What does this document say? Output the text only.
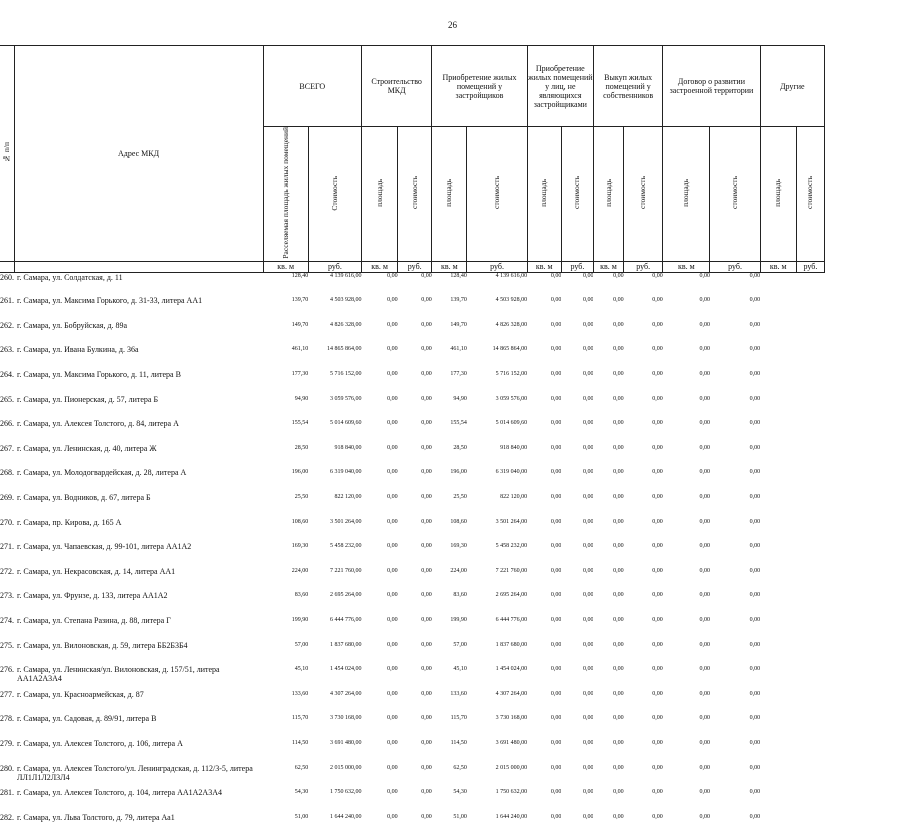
26
№ п/п	Адрес МКД	ВСЕГО		Строительство МКД		Приобретение жилых помещений у застройщиков		Приобретение жилых помещений у лиц, не являющихся застройщиками		Выкуп жилых помещений у собственников		Договор о развитии застроенной территории		Другие	
		Расселяемая площадь жилых помещений	Стоимость	площадь	стоимость	площадь	стоимость	площадь	стоимость	площадь	стоимость	площадь	стоимость	площадь	стоимость
		кв. м	руб.	кв. м	руб.	кв. м	руб.	кв. м	руб.	кв. м	руб.	кв. м	руб.	кв. м	руб.
260.	г. Самара, ул. Солдатская, д. 11	128,40	4 139 616,00	0,00	0,00	128,40	4 139 616,00	0,00	0,00	0,00	0,00	0,00	0,00		
261.	г. Самара, ул. Максима Горького, д. 31-33, литера АА1	139,70	4 503 928,00	0,00	0,00	139,70	4 503 928,00	0,00	0,00	0,00	0,00	0,00	0,00		
262.	г. Самара, ул. Бобруйская, д. 89а	149,70	4 826 328,00	0,00	0,00	149,70	4 826 328,00	0,00	0,00	0,00	0,00	0,00	0,00		
263.	г. Самара, ул. Ивана Булкина, д. 36а	461,10	14 865 864,00	0,00	0,00	461,10	14 865 864,00	0,00	0,00	0,00	0,00	0,00	0,00		
264.	г. Самара, ул. Максима Горького, д. 11, литера В	177,30	5 716 152,00	0,00	0,00	177,30	5 716 152,00	0,00	0,00	0,00	0,00	0,00	0,00		
265.	г. Самара, ул. Пионерская, д. 57, литера Б	94,90	3 059 576,00	0,00	0,00	94,90	3 059 576,00	0,00	0,00	0,00	0,00	0,00	0,00		
266.	г. Самара, ул. Алексея Толстого, д. 84, литера А	155,54	5 014 609,60	0,00	0,00	155,54	5 014 609,60	0,00	0,00	0,00	0,00	0,00	0,00		
267.	г. Самара, ул. Ленинская, д. 40, литера Ж	28,50	918 840,00	0,00	0,00	28,50	918 840,00	0,00	0,00	0,00	0,00	0,00	0,00		
268.	г. Самара, ул. Молодогвардейская, д. 28, литера А	196,00	6 319 040,00	0,00	0,00	196,00	6 319 040,00	0,00	0,00	0,00	0,00	0,00	0,00		
269.	г. Самара, ул. Водников, д. 67, литера Б	25,50	822 120,00	0,00	0,00	25,50	822 120,00	0,00	0,00	0,00	0,00	0,00	0,00		
270.	г. Самара, пр. Кирова, д. 165 А	108,60	3 501 264,00	0,00	0,00	108,60	3 501 264,00	0,00	0,00	0,00	0,00	0,00	0,00		
271.	г. Самара, ул. Чапаевская, д. 99-101, литера АА1А2	169,30	5 458 232,00	0,00	0,00	169,30	5 458 232,00	0,00	0,00	0,00	0,00	0,00	0,00		
272.	г. Самара, ул. Некрасовская, д. 14, литера АА1	224,00	7 221 760,00	0,00	0,00	224,00	7 221 760,00	0,00	0,00	0,00	0,00	0,00	0,00		
273.	г. Самара, ул. Фрунзе, д. 133, литера АА1А2	83,60	2 695 264,00	0,00	0,00	83,60	2 695 264,00	0,00	0,00	0,00	0,00	0,00	0,00		
274.	г. Самара, ул. Степана Разина, д. 88, литера Г	199,90	6 444 776,00	0,00	0,00	199,90	6 444 776,00	0,00	0,00	0,00	0,00	0,00	0,00		
275.	г. Самара, ул. Вилоновская, д. 59, литера ББ2Б3Б4	57,00	1 837 680,00	0,00	0,00	57,00	1 837 680,00	0,00	0,00	0,00	0,00	0,00	0,00		
276.	г. Самара, ул. Ленинская/ул. Вилоновская, д. 157/51, литера АА1А2А3А4	45,10	1 454 024,00	0,00	0,00	45,10	1 454 024,00	0,00	0,00	0,00	0,00	0,00	0,00		
277.	г. Самара, ул. Красноармейская, д. 87	133,60	4 307 264,00	0,00	0,00	133,60	4 307 264,00	0,00	0,00	0,00	0,00	0,00	0,00		
278.	г. Самара, ул. Садовая, д. 89/91, литера В	115,70	3 730 168,00	0,00	0,00	115,70	3 730 168,00	0,00	0,00	0,00	0,00	0,00	0,00		
279.	г. Самара, ул. Алексея Толстого, д. 106, литера А	114,50	3 691 480,00	0,00	0,00	114,50	3 691 480,00	0,00	0,00	0,00	0,00	0,00	0,00		
280.	г. Самара, ул. Алексея Толстого/ул. Ленинградская, д. 112/3-5, литера ЛЛ1Л1Л2Л3Л4	62,50	2 015 000,00	0,00	0,00	62,50	2 015 000,00	0,00	0,00	0,00	0,00	0,00	0,00		
281.	г. Самара, ул. Алексея Толстого, д. 104, литера АА1А2А3А4	54,30	1 750 632,00	0,00	0,00	54,30	1 750 632,00	0,00	0,00	0,00	0,00	0,00	0,00		
282.	г. Самара, ул. Льва Толстого, д. 79, литера Аа1	51,00	1 644 240,00	0,00	0,00	51,00	1 644 240,00	0,00	0,00	0,00	0,00	0,00	0,00		
